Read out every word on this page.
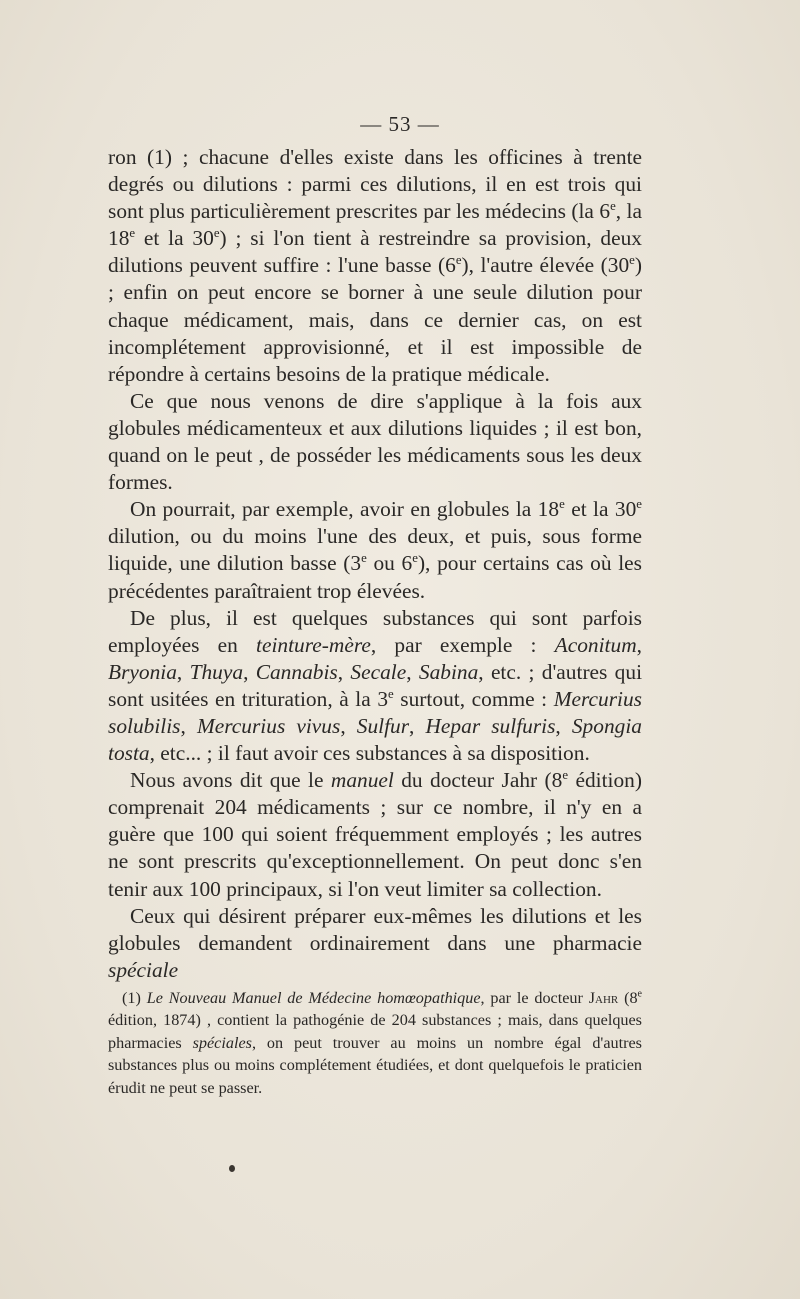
— 53 —

ron (1) ; chacune d'elles existe dans les officines à trente degrés ou dilutions : parmi ces dilutions, il en est trois qui sont plus particulièrement prescrites par les médecins (la 6e, la 18e et la 30e) ; si l'on tient à restreindre sa provision, deux dilutions peuvent suffire : l'une basse (6e), l'autre élevée (30e) ; enfin on peut encore se borner à une seule dilution pour chaque médicament, mais, dans ce dernier cas, on est incomplétement approvisionné, et il est impossible de répondre à certains besoins de la pratique médicale.

Ce que nous venons de dire s'applique à la fois aux globules médicamenteux et aux dilutions liquides ; il est bon, quand on le peut , de posséder les médicaments sous les deux formes.

On pourrait, par exemple, avoir en globules la 18e et la 30e dilution, ou du moins l'une des deux, et puis, sous forme liquide, une dilution basse (3e ou 6e), pour certains cas où les précédentes paraîtraient trop élevées.

De plus, il est quelques substances qui sont parfois employées en teinture-mère, par exemple : Aconitum, Bryonia, Thuya, Cannabis, Secale, Sabina, etc. ; d'autres qui sont usitées en trituration, à la 3e surtout, comme : Mercurius solubilis, Mercurius vivus, Sulfur, Hepar sulfuris, Spongia tosta, etc... ; il faut avoir ces substances à sa disposition.

Nous avons dit que le manuel du docteur Jahr (8e édition) comprenait 204 médicaments ; sur ce nombre, il n'y en a guère que 100 qui soient fréquemment employés ; les autres ne sont prescrits qu'exceptionnellement. On peut donc s'en tenir aux 100 principaux, si l'on veut limiter sa collection.

Ceux qui désirent préparer eux-mêmes les dilutions et les globules demandent ordinairement dans une pharmacie spéciale

(1) Le Nouveau Manuel de Médecine homœopathique, par le docteur Jahr (8e édition, 1874) , contient la pathogénie de 204 substances ; mais, dans quelques pharmacies spéciales, on peut trouver au moins un nombre égal d'autres substances plus ou moins complétement étudiées, et dont quelquefois le praticien érudit ne peut se passer.
